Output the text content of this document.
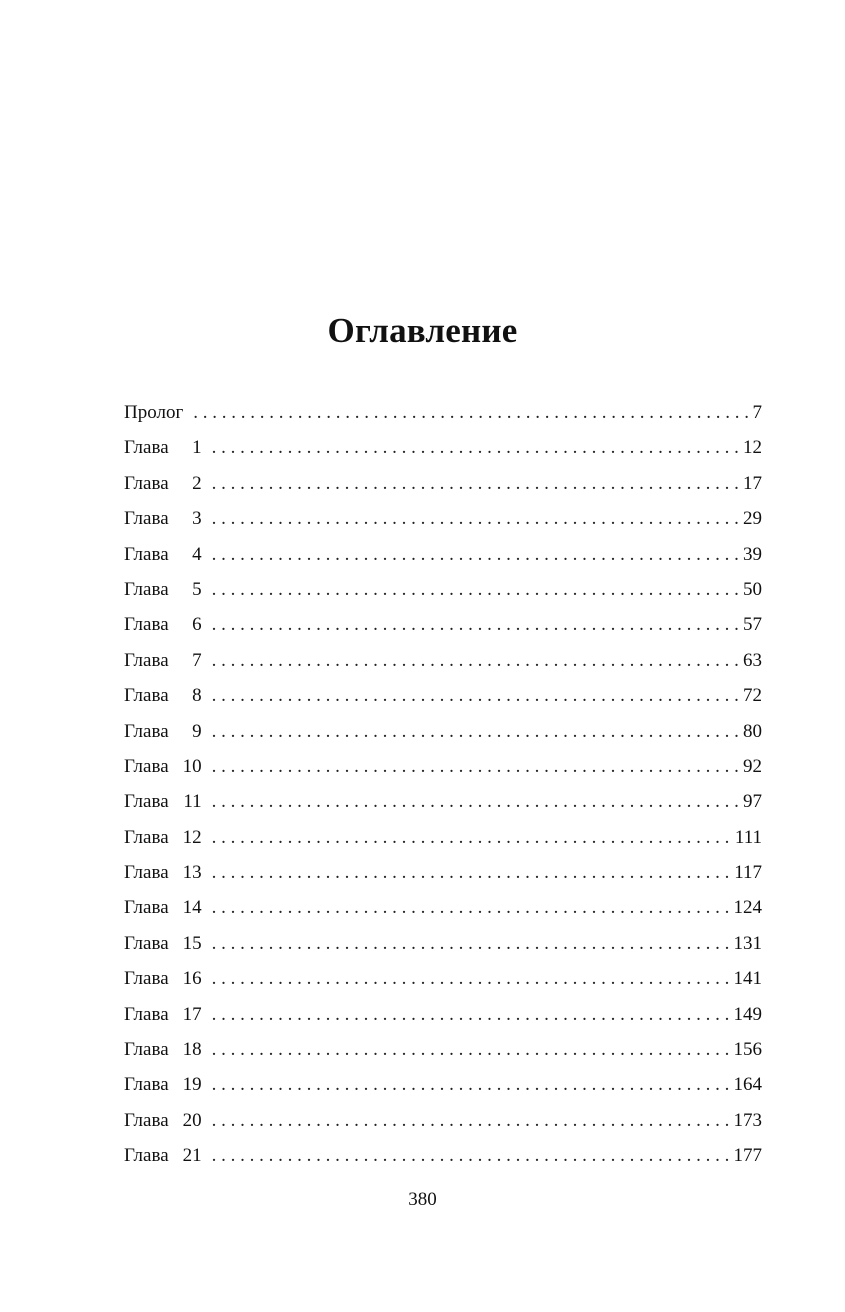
Оглавление
Пролог . . .	7
Глава	1 . . .	12
Глава	2 . . .	17
Глава	3 . . .	29
Глава	4 . . .	39
Глава	5 . . .	50
Глава	6 . . .	57
Глава	7 . . .	63
Глава	8 . . .	72
Глава	9 . . .	80
Глава 10 . . .	92
Глава 11 . . .	97
Глава 12 . . .	111
Глава 13 . . .	117
Глава 14 . . .	124
Глава 15 . . .	131
Глава 16 . . .	141
Глава 17 . . .	149
Глава 18 . . .	156
Глава 19 . . .	164
Глава 20 . . .	173
Глава 21 . . .	177
380
